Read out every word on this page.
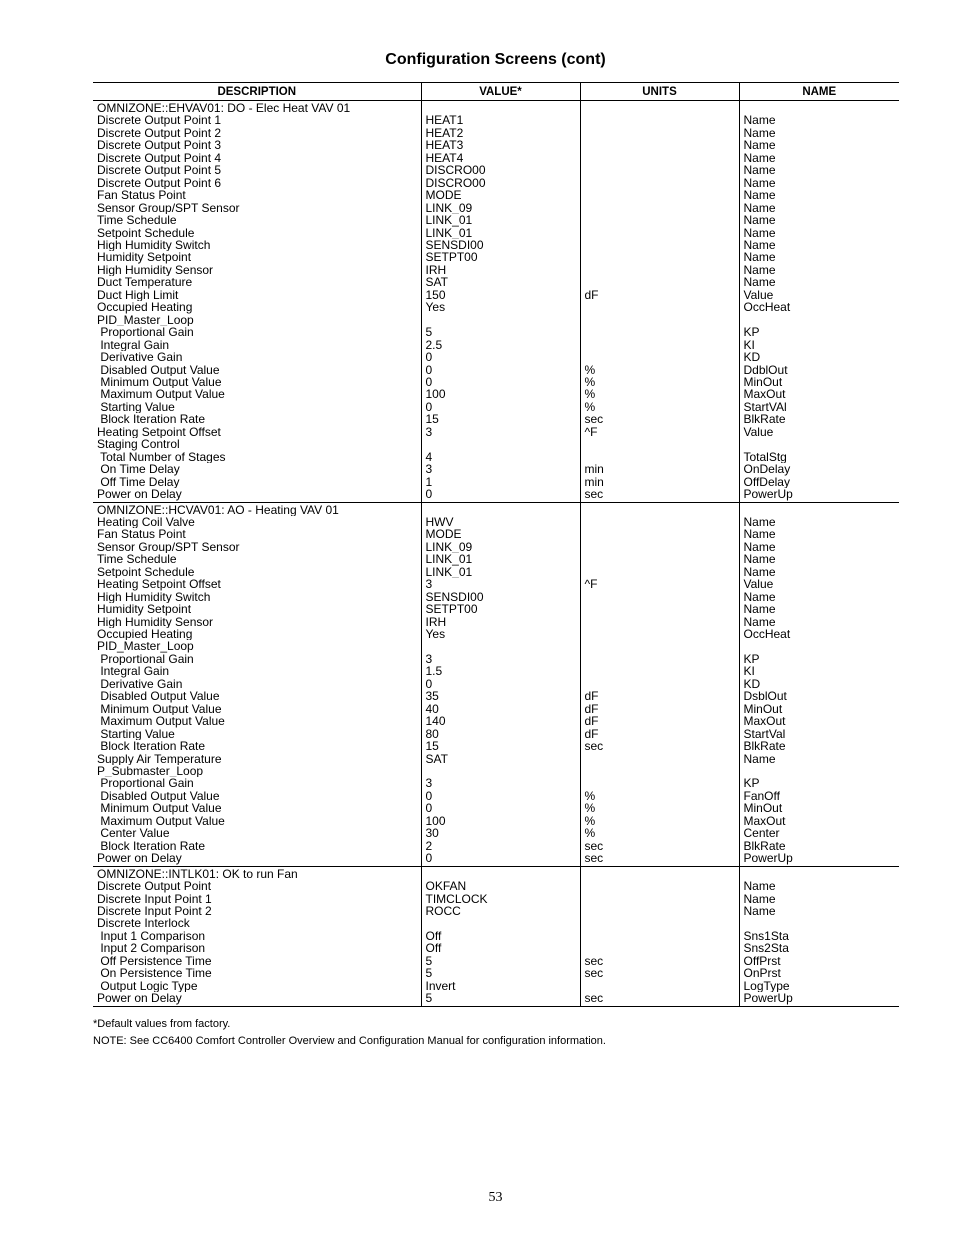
Configuration Screens (cont)
DESCRIPTION	VALUE*	UNITS	NAME
OMNIZONE::EHVAV01: DO - Elec Heat VAV 01			
Discrete Output Point 1	HEAT1		Name
Discrete Output Point 2	HEAT2		Name
Discrete Output Point 3	HEAT3		Name
Discrete Output Point 4	HEAT4		Name
Discrete Output Point 5	DISCRO00		Name
Discrete Output Point 6	DISCRO00		Name
Fan Status Point	MODE		Name
Sensor Group/SPT Sensor	LINK_09		Name
Time Schedule	LINK_01		Name
Setpoint Schedule	LINK_01		Name
High Humidity Switch	SENSDI00		Name
Humidity Setpoint	SETPT00		Name
High Humidity Sensor	IRH		Name
Duct Temperature	SAT		Name
Duct High Limit	150	dF	Value
Occupied Heating	Yes		OccHeat
PID_Master_Loop			
Proportional Gain	5		KP
Integral Gain	2.5		KI
Derivative Gain	0		KD
Disabled Output Value	0	%	DdblOut
Minimum Output Value	0	%	MinOut
Maximum Output Value	100	%	MaxOut
Starting Value	0	%	StartVAl
Block Iteration Rate	15	sec	BlkRate
Heating Setpoint Offset	3	^F	Value
Staging Control			
Total Number of Stages	4		TotalStg
On Time Delay	3	min	OnDelay
Off Time Delay	1	min	OffDelay
Power on Delay	0	sec	PowerUp
OMNIZONE::HCVAV01: AO - Heating VAV 01			
Heating Coil Valve	HWV		Name
Fan Status Point	MODE		Name
Sensor Group/SPT Sensor	LINK_09		Name
Time Schedule	LINK_01		Name
Setpoint Schedule	LINK_01		Name
Heating Setpoint Offset	3	^F	Value
High Humidity Switch	SENSDI00		Name
Humidity Setpoint	SETPT00		Name
High Humidity Sensor	IRH		Name
Occupied Heating	Yes		OccHeat
PID_Master_Loop			
Proportional Gain	3		KP
Integral Gain	1.5		KI
Derivative Gain	0		KD
Disabled Output Value	35	dF	DsblOut
Minimum Output Value	40	dF	MinOut
Maximum Output Value	140	dF	MaxOut
Starting Value	80	dF	StartVal
Block Iteration Rate	15	sec	BlkRate
Supply Air Temperature	SAT		Name
P_Submaster_Loop			
Proportional Gain	3		KP
Disabled Output Value	0	%	FanOff
Minimum Output Value	0	%	MinOut
Maximum Output Value	100	%	MaxOut
Center Value	30	%	Center
Block Iteration Rate	2	sec	BlkRate
Power on Delay	0	sec	PowerUp
OMNIZONE::INTLK01: OK to run Fan			
Discrete Output Point	OKFAN		Name
Discrete Input Point 1	TIMCLOCK		Name
Discrete Input Point 2	ROCC		Name
Discrete Interlock			
Input 1 Comparison	Off		Sns1Sta
Input 2 Comparison	Off		Sns2Sta
Off Persistence Time	5	sec	OffPrst
On Persistence Time	5	sec	OnPrst
Output Logic Type	Invert		LogType
Power on Delay	5	sec	PowerUp

*Default values from factory.

NOTE: See CC6400 Comfort Controller Overview and Configuration Manual for configuration information.

53
